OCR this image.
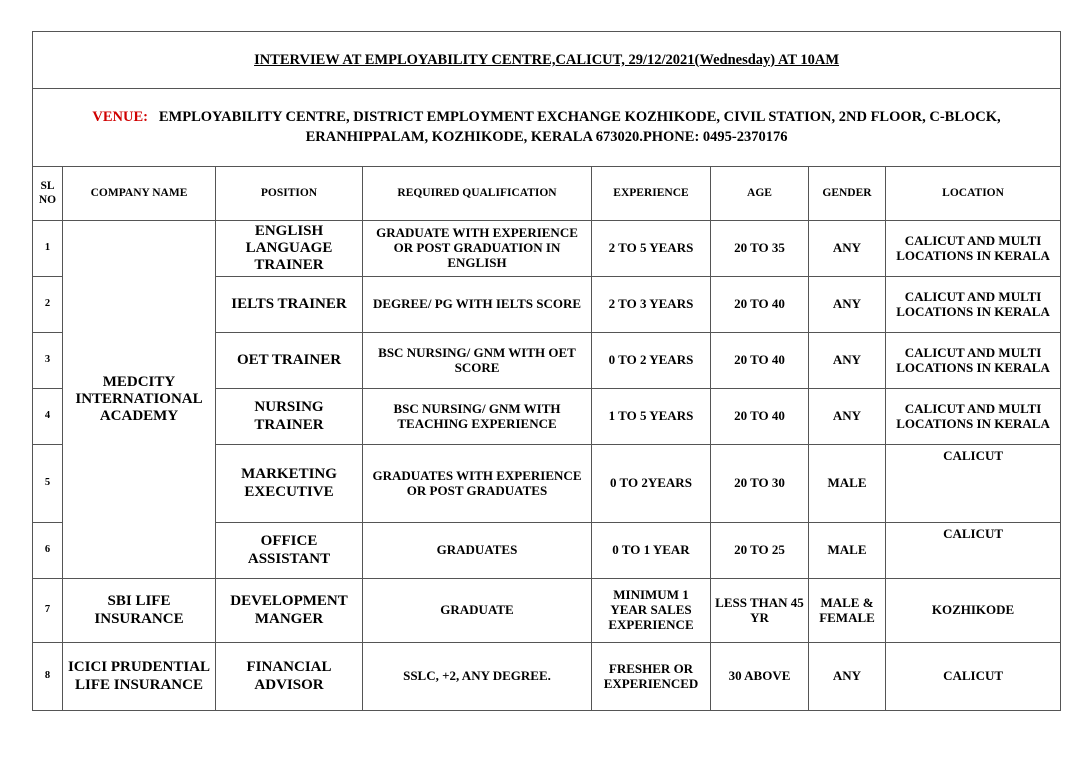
INTERVIEW AT EMPLOYABILITY CENTRE,CALICUT, 29/12/2021(Wednesday) AT 10AM							
VENUE: EMPLOYABILITY CENTRE, DISTRICT EMPLOYMENT EXCHANGE KOZHIKODE, CIVIL STATION, 2ND FLOOR, C-BLOCK, ERANHIPPALAM, KOZHIKODE, KERALA 673020.PHONE: 0495-2370176							
SL NO	COMPANY NAME	POSITION	REQUIRED QUALIFICATION	EXPERIENCE	AGE	GENDER	LOCATION
1	MEDCITY INTERNATIONAL ACADEMY	ENGLISH LANGUAGE TRAINER	GRADUATE WITH EXPERIENCE OR POST GRADUATION IN ENGLISH	2 TO 5 YEARS	20 TO 35	ANY	CALICUT AND MULTI LOCATIONS IN KERALA
2		IELTS TRAINER	DEGREE/ PG WITH IELTS SCORE	2 TO 3 YEARS	20 TO 40	ANY	CALICUT AND MULTI LOCATIONS IN KERALA
3		OET TRAINER	BSC NURSING/ GNM WITH OET SCORE	0 TO 2 YEARS	20 TO 40	ANY	CALICUT AND MULTI LOCATIONS IN KERALA
4		NURSING TRAINER	BSC NURSING/ GNM WITH TEACHING EXPERIENCE	1 TO 5 YEARS	20 TO 40	ANY	CALICUT AND MULTI LOCATIONS IN KERALA
5		MARKETING EXECUTIVE	GRADUATES WITH EXPERIENCE OR POST GRADUATES	0 TO 2YEARS	20 TO 30	MALE	CALICUT
6		OFFICE ASSISTANT	GRADUATES	0 TO 1 YEAR	20 TO 25	MALE	CALICUT
7	SBI LIFE INSURANCE	DEVELOPMENT MANGER	GRADUATE	MINIMUM 1 YEAR SALES EXPERIENCE	LESS THAN 45 YR	MALE & FEMALE	KOZHIKODE
8	ICICI PRUDENTIAL LIFE INSURANCE	FINANCIAL ADVISOR	SSLC, +2, ANY DEGREE.	FRESHER OR EXPERIENCED	30 ABOVE	ANY	CALICUT
